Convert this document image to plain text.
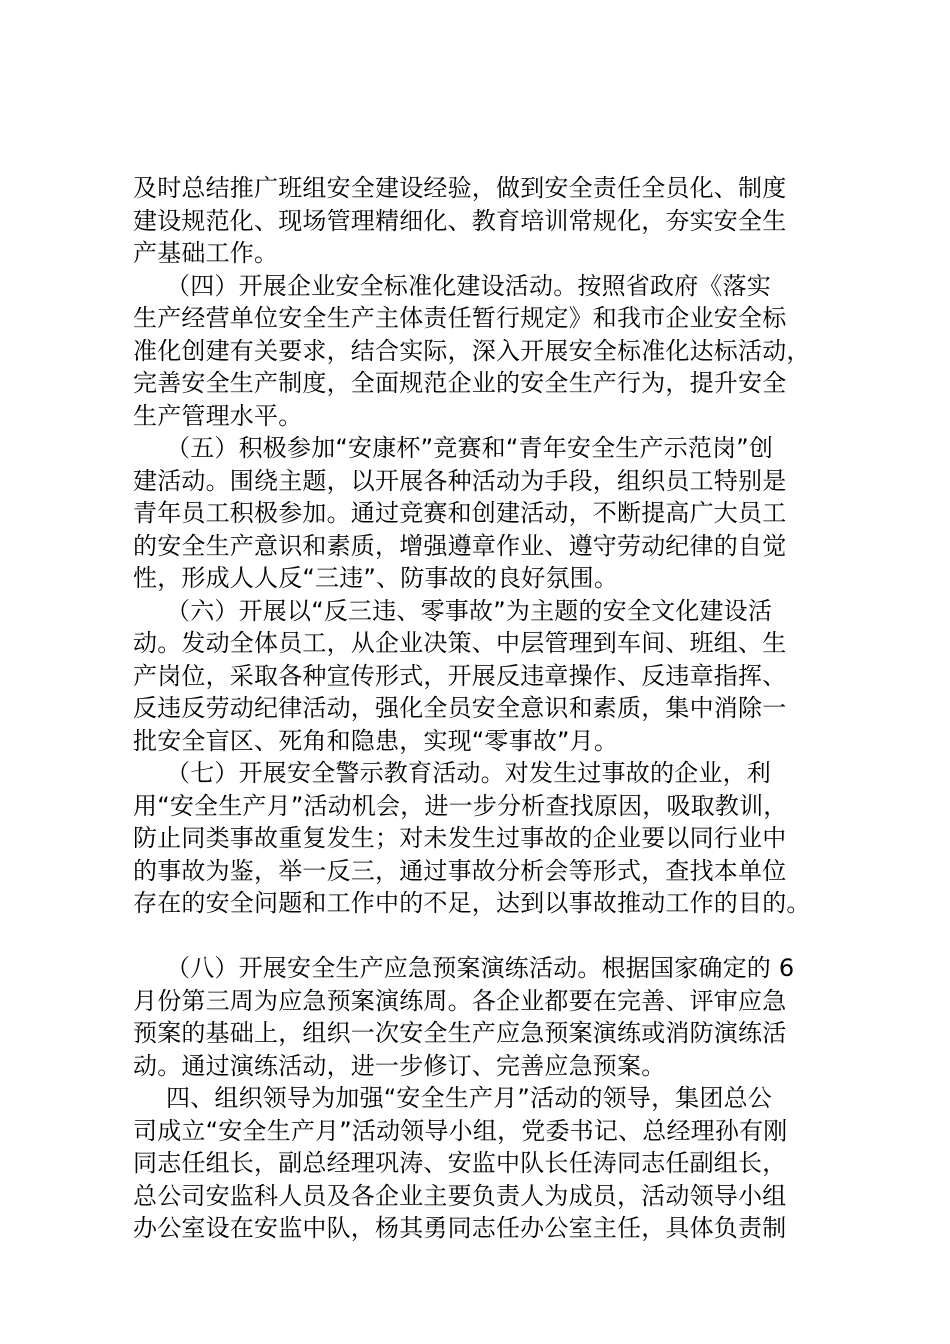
及时总结推广班组安全建设经验，做到安全责任全员化、制度
建设规范化、现场管理精细化、教育培训常规化，夯实安全生
产基础工作。
（四）开展企业安全标准化建设活动。按照省政府《落实
生产经营单位安全生产主体责任暂行规定》和我市企业安全标
准化创建有关要求，结合实际，深入开展安全标准化达标活动，
完善安全生产制度，全面规范企业的安全生产行为，提升安全
生产管理水平。
（五）积极参加“安康杯”竞赛和“青年安全生产示范岗”创
建活动。围绕主题，以开展各种活动为手段，组织员工特别是
青年员工积极参加。通过竞赛和创建活动，不断提高广大员工
的安全生产意识和素质，增强遵章作业、遵守劳动纪律的自觉
性，形成人人反“三违”、防事故的良好氛围。
（六）开展以“反三违、零事故”为主题的安全文化建设活
动。发动全体员工，从企业决策、中层管理到车间、班组、生
产岗位，采取各种宣传形式，开展反违章操作、反违章指挥、
反违反劳动纪律活动，强化全员安全意识和素质，集中消除一
批安全盲区、死角和隐患，实现“零事故”月。
（七）开展安全警示教育活动。对发生过事故的企业，利
用“安全生产月”活动机会，进一步分析查找原因，吸取教训，
防止同类事故重复发生；对未发生过事故的企业要以同行业中
的事故为鉴，举一反三，通过事故分析会等形式，查找本单位
存在的安全问题和工作中的不足，达到以事故推动工作的目的。
（八）开展安全生产应急预案演练活动。根据国家确定的 6
月份第三周为应急预案演练周。各企业都要在完善、评审应急
预案的基础上，组织一次安全生产应急预案演练或消防演练活
动。通过演练活动，进一步修订、完善应急预案。
四、组织领导为加强“安全生产月”活动的领导，集团总公
司成立“安全生产月”活动领导小组，党委书记、总经理孙有刚
同志任组长，副总经理巩涛、安监中队长任涛同志任副组长，
总公司安监科人员及各企业主要负责人为成员，活动领导小组
办公室设在安监中队，杨其勇同志任办公室主任，具体负责制
